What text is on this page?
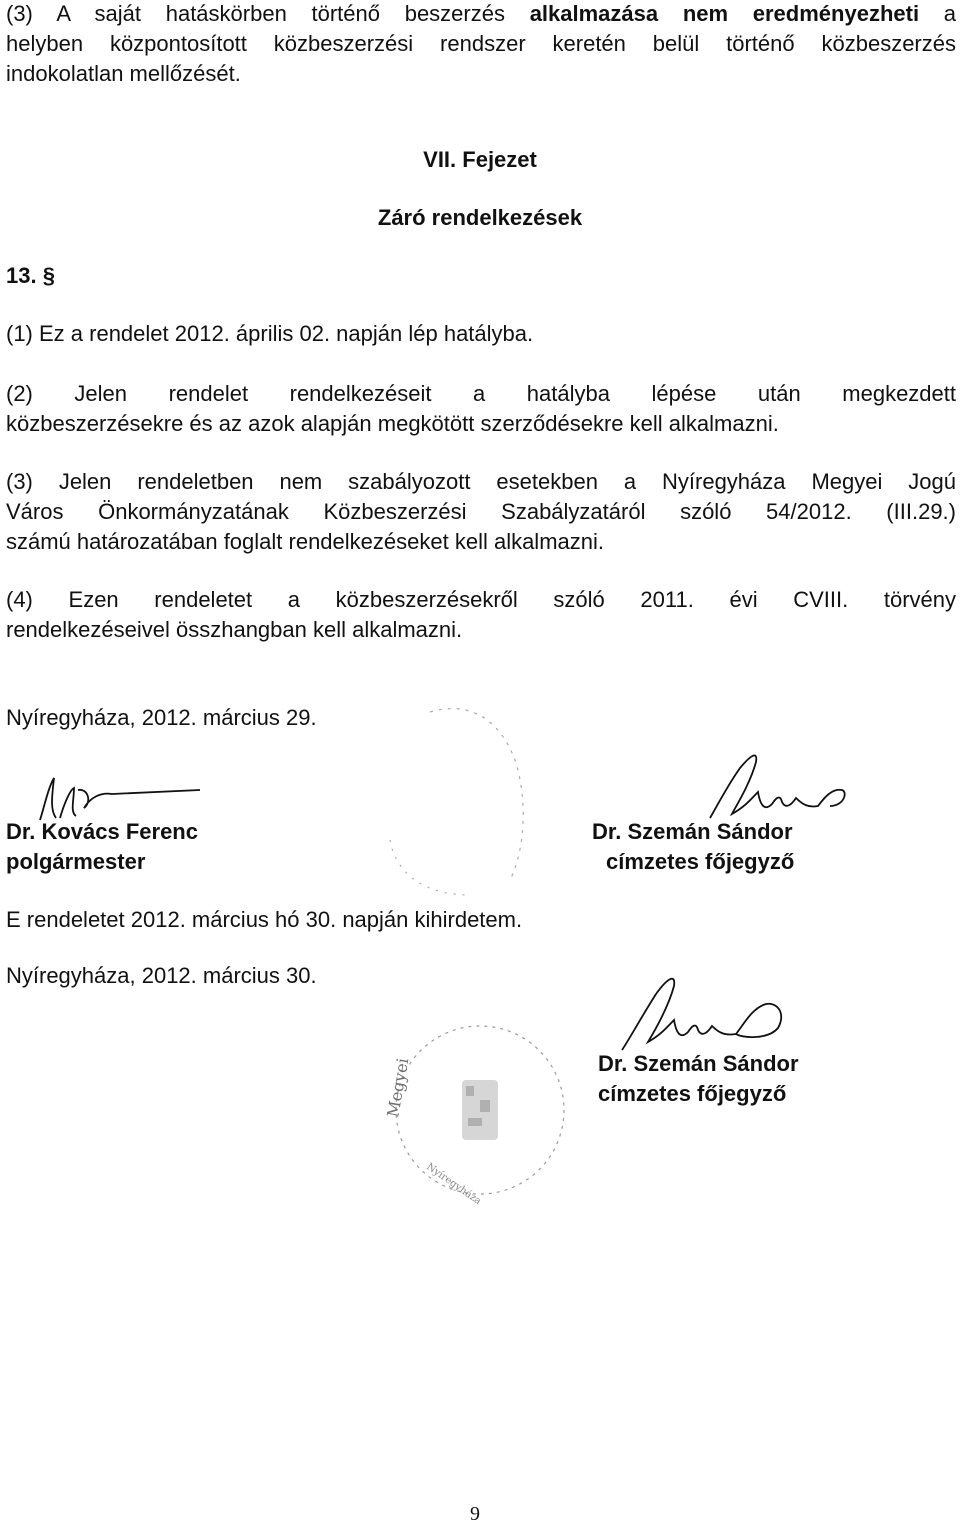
(3) A saját hatáskörben történő beszerzés alkalmazása nem eredményezheti a

helyben központosított közbeszerzési rendszer keretén belül történő közbeszerzés

indokolatlan mellőzését.

VII. Fejezet

Záró rendelkezések

13. §

(1) Ez a rendelet 2012. április 02. napján lép hatályba.

(2) Jelen rendelet rendelkezéseit a hatályba lépése után megkezdett

közbeszerzésekre és az azok alapján megkötött szerződésekre kell alkalmazni.

(3) Jelen rendeletben nem szabályozott esetekben a Nyíregyháza Megyei Jogú

Város Önkormányzatának Közbeszerzési Szabályzatáról szóló 54/2012. (III.29.)

számú határozatában foglalt rendelkezéseket kell alkalmazni.

(4) Ezen rendeletet a közbeszerzésekről szóló 2011. évi CVIII. törvény

rendelkezéseivel összhangban kell alkalmazni.

Nyíregyháza, 2012. március 29.

Dr. Kovács Ferenc

polgármester

Dr. Szemán Sándor

címzetes főjegyző

E rendeletet 2012. március hó 30. napján kihirdetem.

Nyíregyháza, 2012. március 30.

Megyei
Nyíregyháza

Dr. Szemán Sándor

címzetes főjegyző

9
